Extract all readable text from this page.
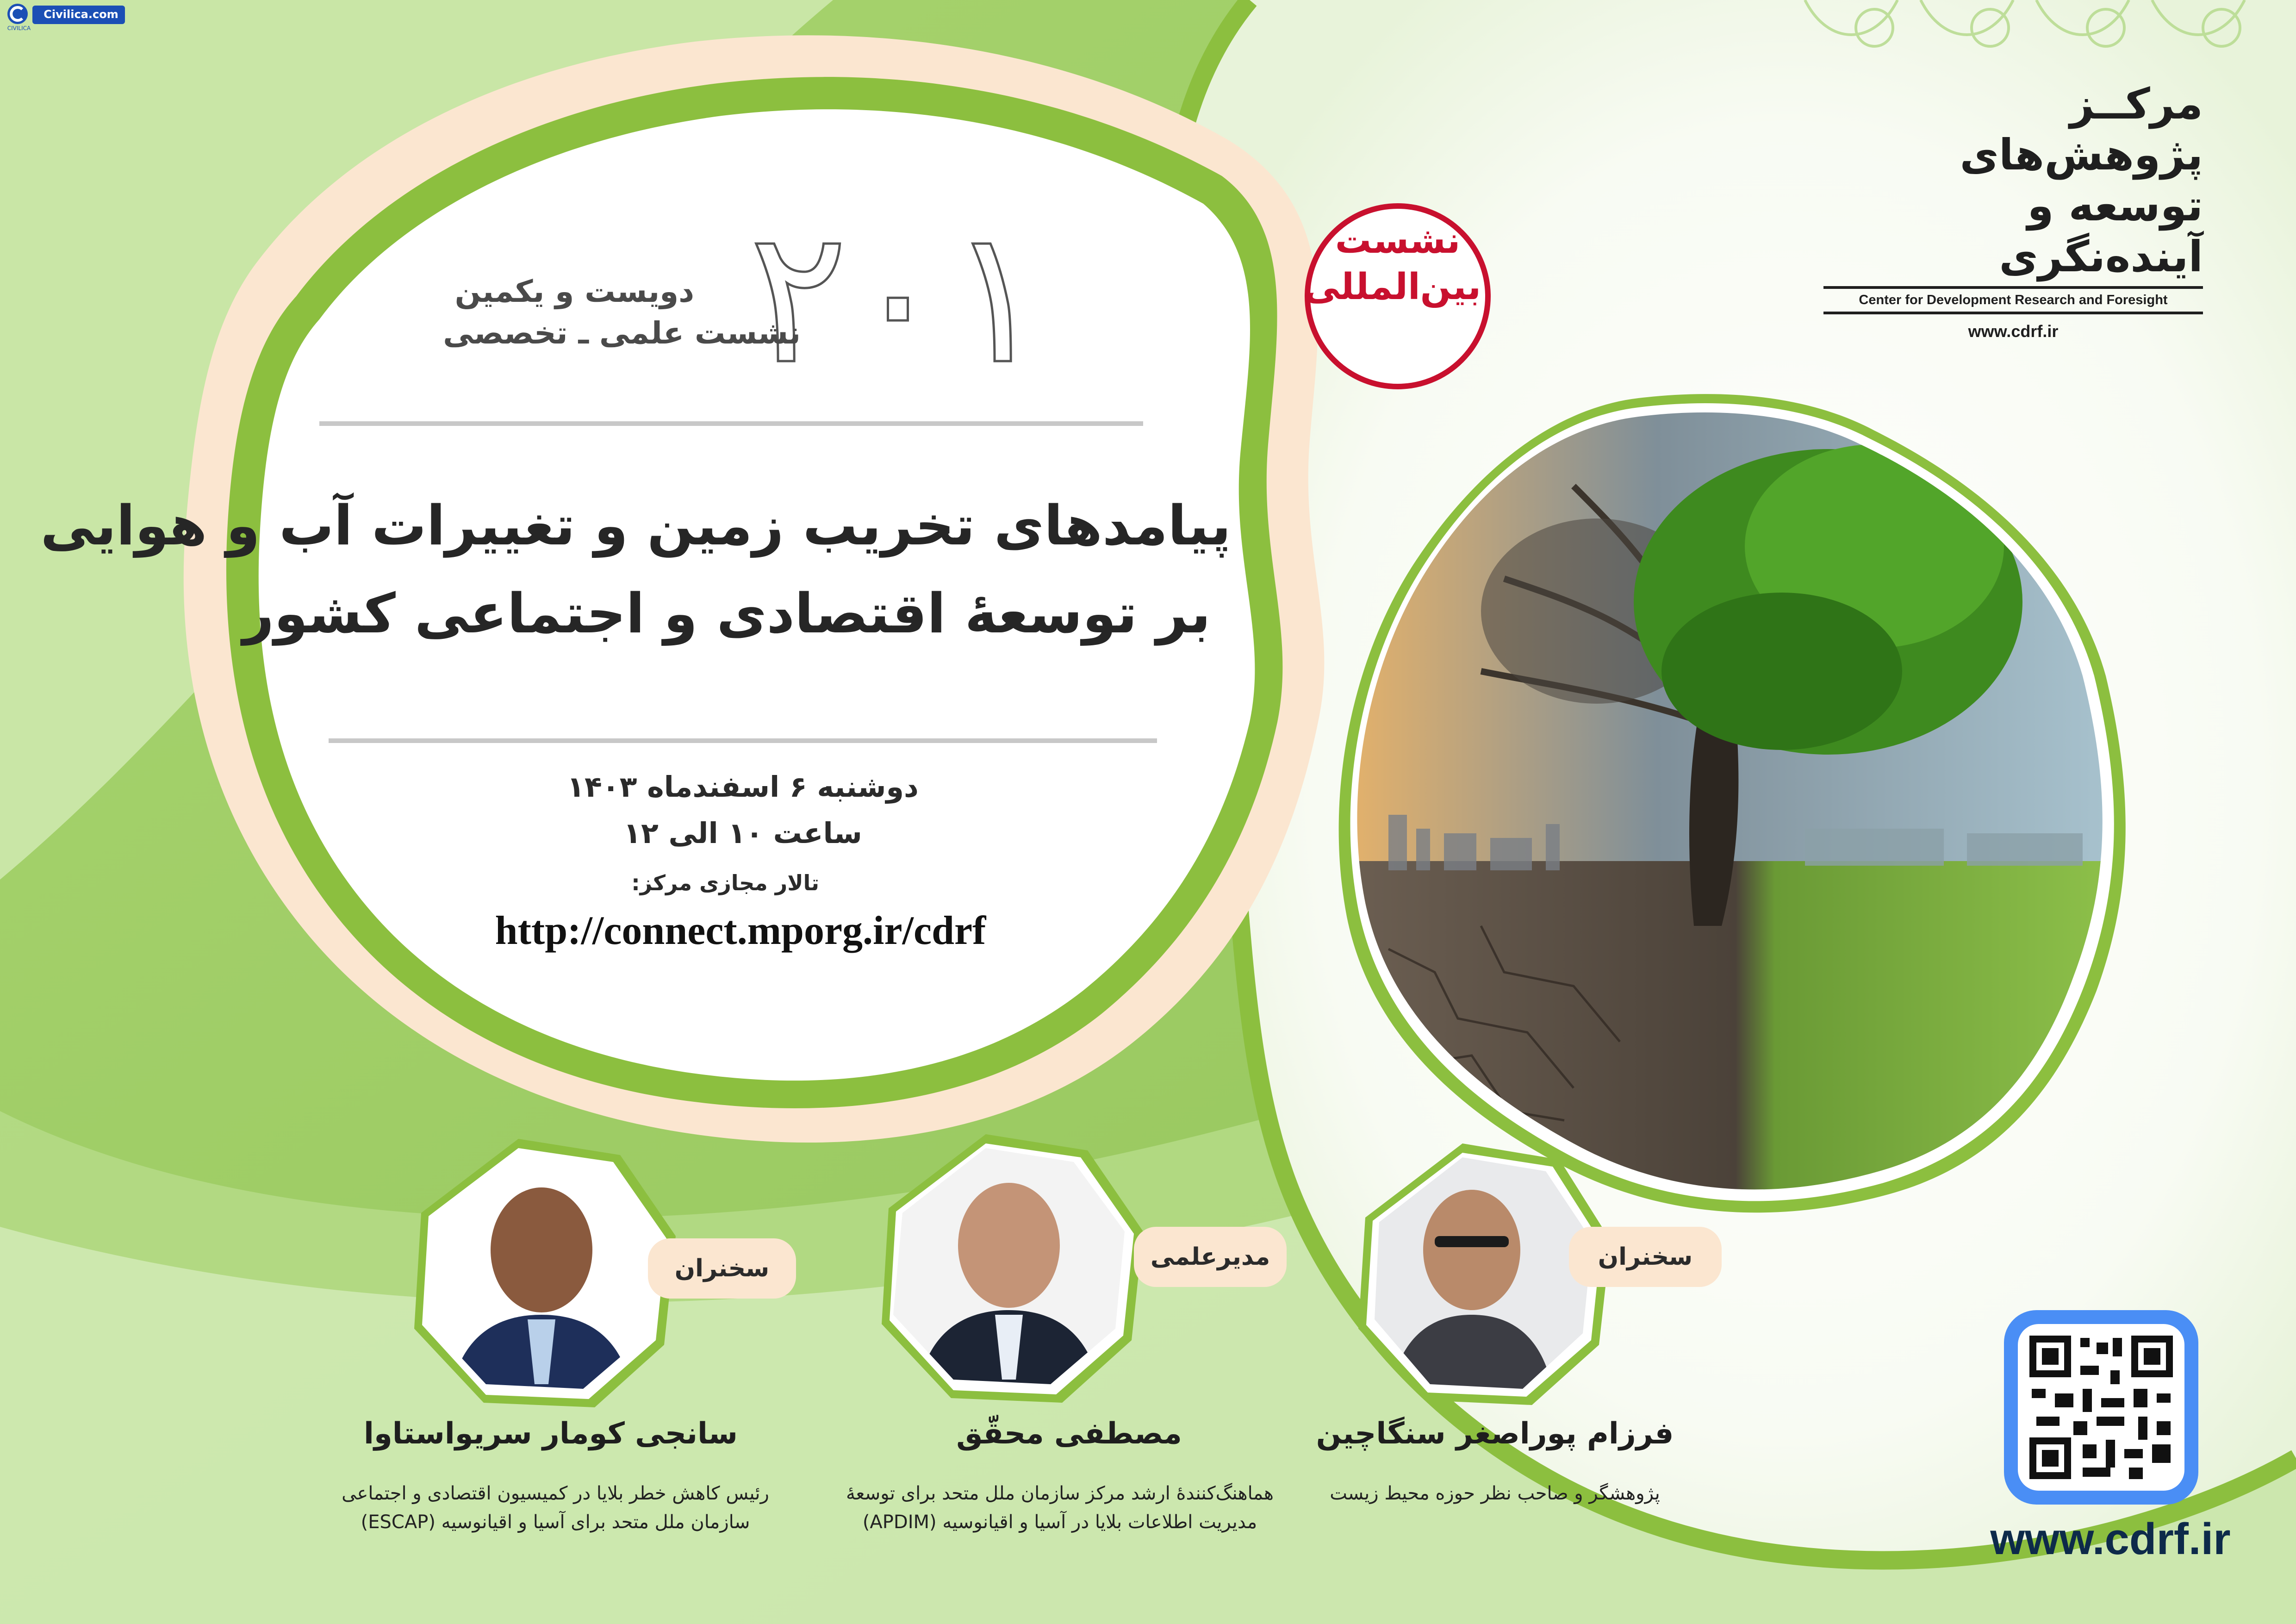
۲۰۱
Civilica.com
CIVILICA
مرکــز پژوهش‌های
توسعه و آینده‌نگری
Center for Development Research and Foresight
www.cdrf.ir
نشست
بین‌المللی
دویست و یکمین
نشست علمی ـ تخصصی
پیامدهای تخریب زمین و تغییرات آب و هوایی
بر توسعهٔ اقتصادی و اجتماعی کشور
دوشنبه ۶ اسفندماه ۱۴۰۳
ساعت ۱۰ الی ۱۲
تالار مجازی مرکز:
http://connect.mporg.ir/cdrf
سخنران
مدیرعلمی
سخنران
فرزام پوراصغر سنگاچین
پژوهشگر و صاحب نظر حوزه محیط زیست
مصطفی محقّق
هماهنگ‌کنندهٔ ارشد مرکز سازمان ملل متحد برای توسعهٔ مدیریت اطلاعات بلایا در آسیا و اقیانوسیه (APDIM)
سانجی کومار سریواستاوا
رئیس کاهش خطر بلایا در کمیسیون اقتصادی و اجتماعی سازمان ملل متحد برای آسیا و اقیانوسیه (ESCAP)	www.cdrf.ir
